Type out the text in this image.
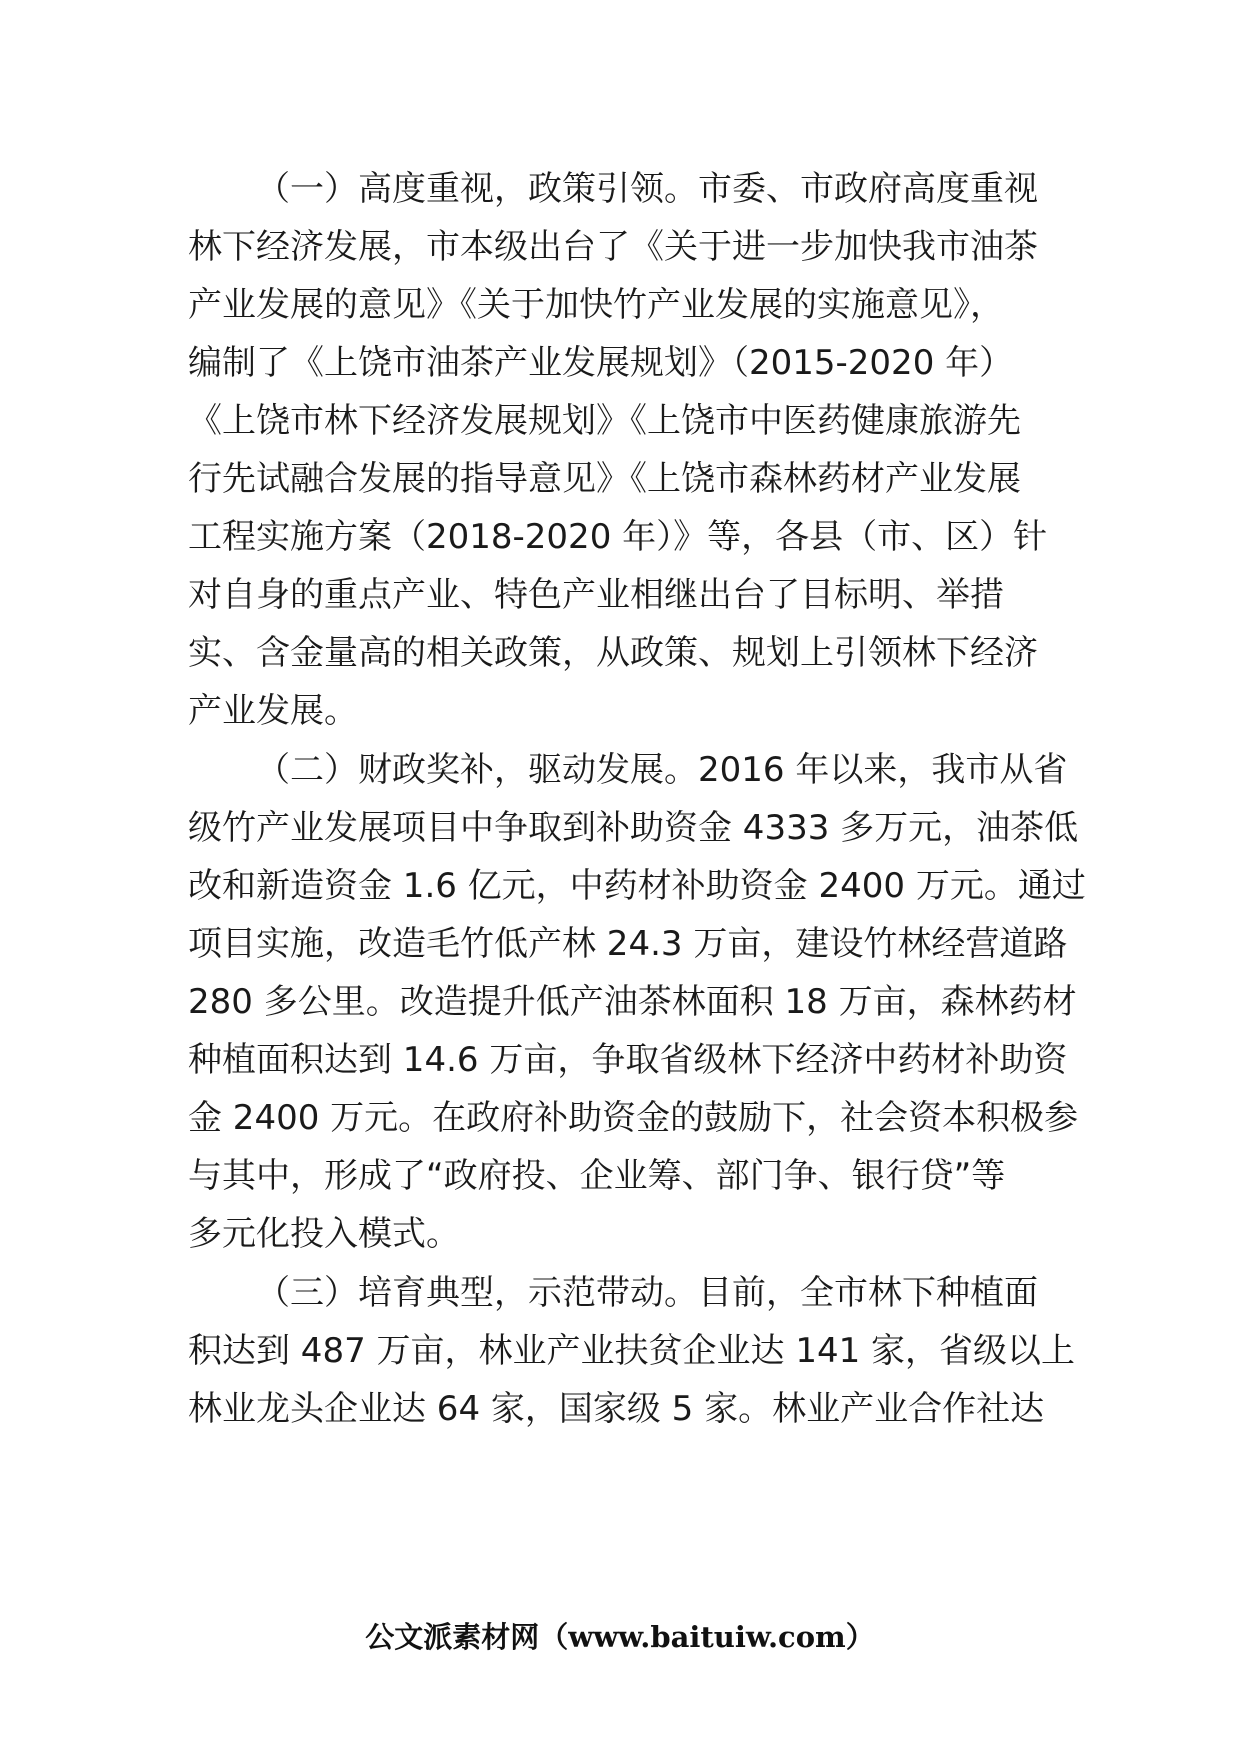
（一）高度重视，政策引领。市委、市政府高度重视
林下经济发展，市本级出台了《关于进一步加快我市油茶
产业发展的意见》《关于加快竹产业发展的实施意见》，
编制了《上饶市油茶产业发展规划》（2015-2020 年）
《上饶市林下经济发展规划》《上饶市中医药健康旅游先
行先试融合发展的指导意见》《上饶市森林药材产业发展
工程实施方案（2018-2020 年）》等，各县（市、区）针
对自身的重点产业、特色产业相继出台了目标明、举措
实、含金量高的相关政策，从政策、规划上引领林下经济
产业发展。
（二）财政奖补，驱动发展。2016 年以来，我市从省
级竹产业发展项目中争取到补助资金 4333 多万元，油茶低
改和新造资金 1.6 亿元，中药材补助资金 2400 万元。通过
项目实施，改造毛竹低产林 24.3 万亩，建设竹林经营道路
280 多公里。改造提升低产油茶林面积 18 万亩，森林药材
种植面积达到 14.6 万亩，争取省级林下经济中药材补助资
金 2400 万元。在政府补助资金的鼓励下，社会资本积极参
与其中，形成了“政府投、企业筹、部门争、银行贷”等
多元化投入模式。
（三）培育典型，示范带动。目前，全市林下种植面
积达到 487 万亩，林业产业扶贫企业达 141 家，省级以上
林业龙头企业达 64 家，国家级 5 家。林业产业合作社达
公文派素材网（www.baituiw.com）
